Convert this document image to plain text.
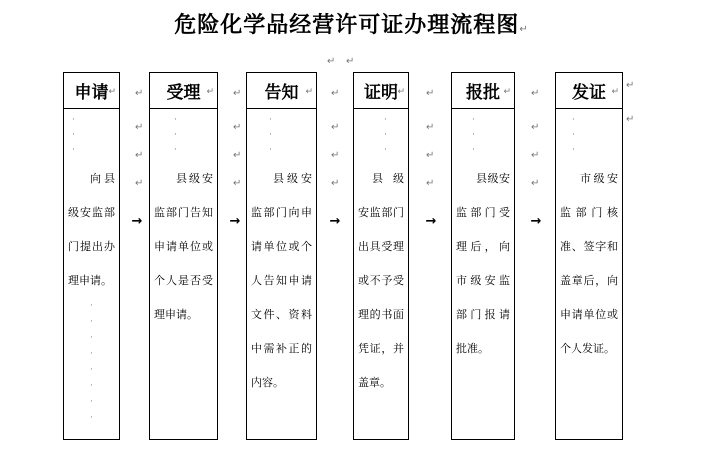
危险化学品经营许可证办理流程图↵
↵
申请 ↵
·
·
·
向县级安监部门提出办理申请。
·
·
·
·
·
·
·
·
↵
↵
↵
↵
→
受理 ↵
·
·
·
县级安监部门告知申请单位或个人是否受理申请。
↵
↵
↵
↵
→
告知 ↵
·
·
·
县级安监部门向申请单位或个人告知申请文件、资料中需补正的内容。
↵
↵
↵
↵
↵
→
证明 ↵
·
·
·
县级安监部门出具受理或不予受理的书面凭证，并盖章。
↵
↵
↵
↵
→
报批 ↵
·
·
·
县级安监部门受理后，向市级安监部门报请批准。
↵
↵
↵
↵
→
发证 ↵
·
·
·
市级安监部门核准、签字和盖章后，向申请单位或个人发证。
↵
↵
